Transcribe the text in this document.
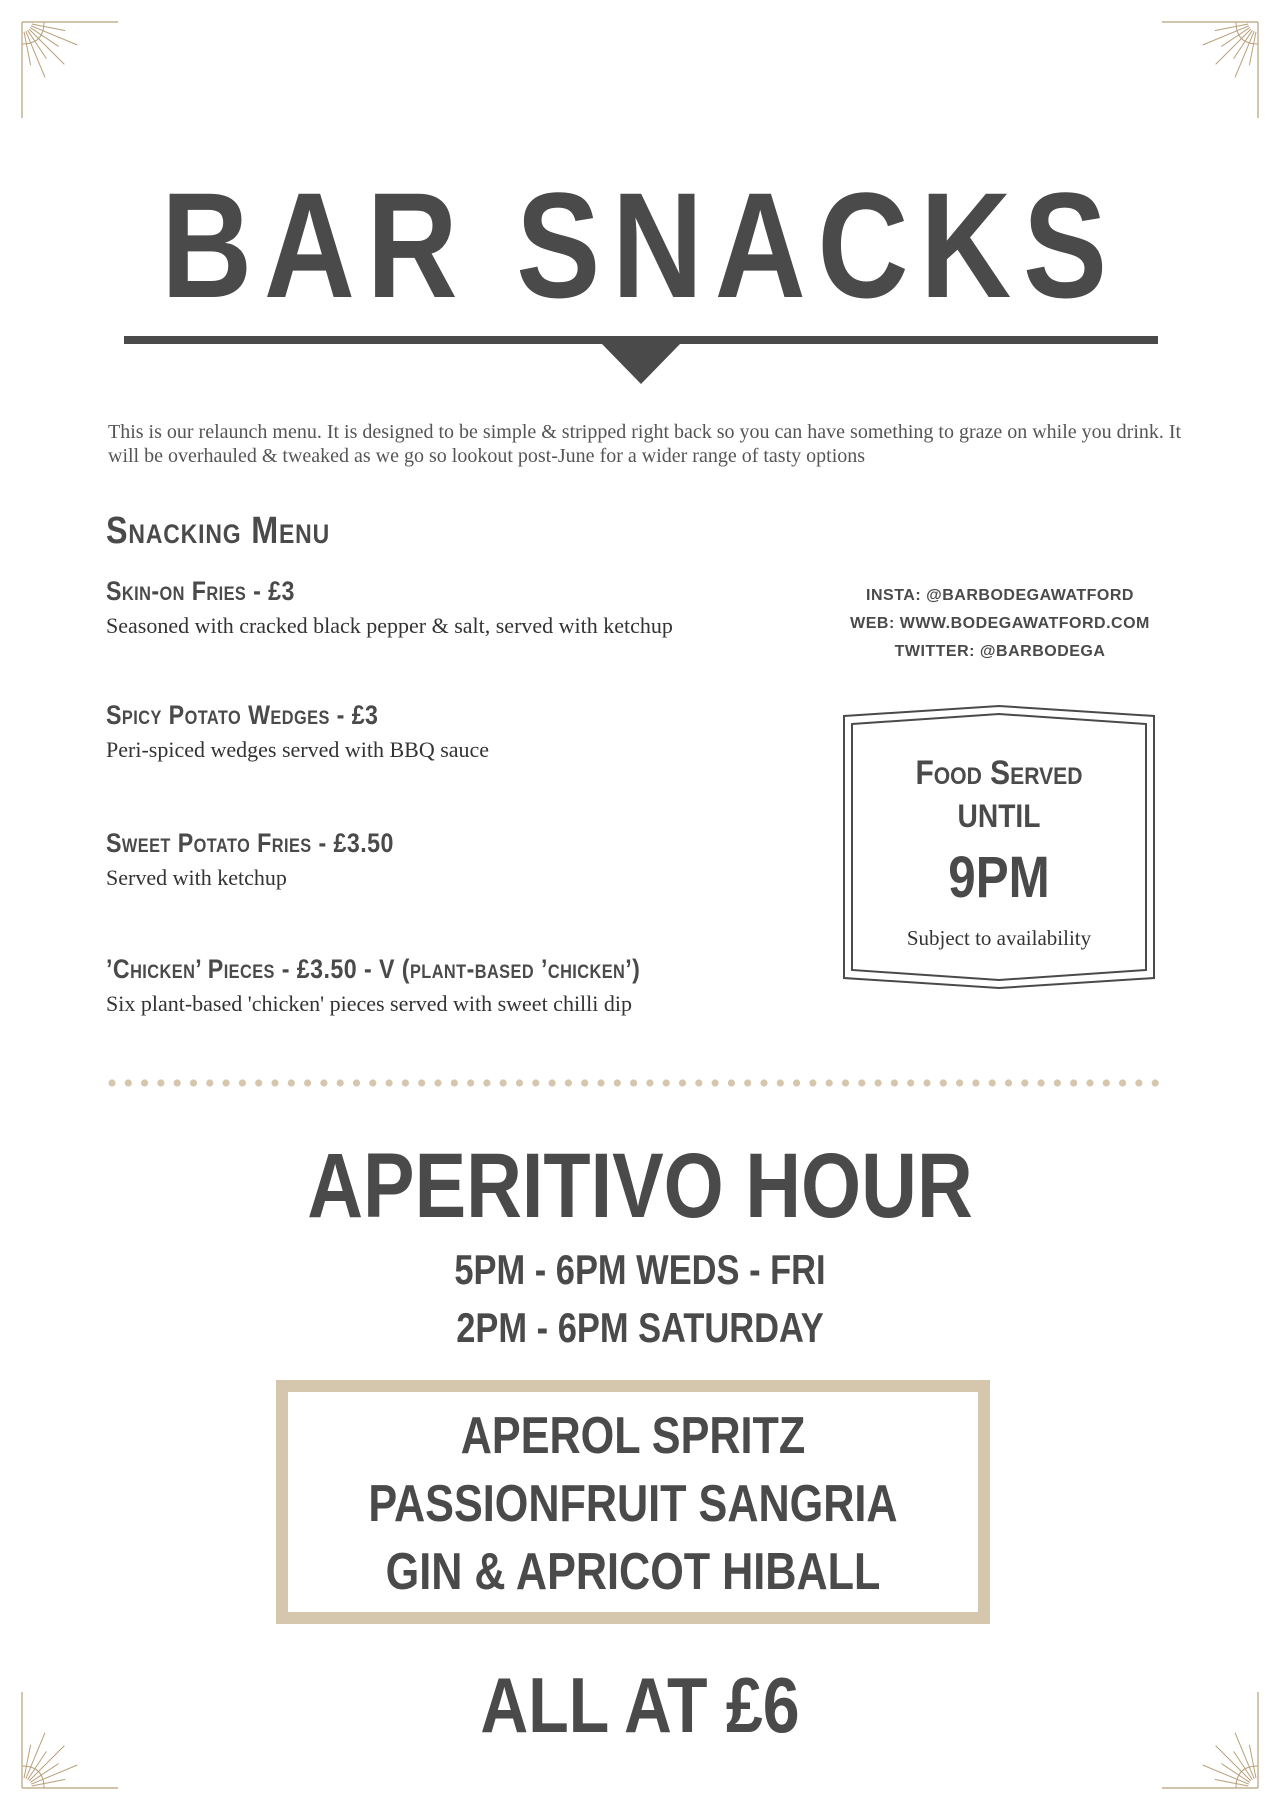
BAR SNACKS
This is our relaunch menu. It is designed to be simple & stripped right back so you can have something to graze on while you drink. It will be overhauled & tweaked as we go so lookout post-June for a wider range of tasty options
Snacking Menu
Skin-on Fries - £3
Seasoned with cracked black pepper & salt, served with ketchup
Spicy Potato Wedges - £3
Peri-spiced wedges served with BBQ sauce
Sweet Potato Fries - £3.50
Served with ketchup
’Chicken’ Pieces - £3.50 - V (plant-based ’chicken’)
Six plant-based 'chicken' pieces served with sweet chilli dip
INSTA: @BARBODEGAWATFORD
WEB: WWW.BODEGAWATFORD.COM
TWITTER: @BARBODEGA
Food Served
UNTIL
9PM
Subject to availability
APERITIVO HOUR
5PM - 6PM WEDS - FRI
2PM - 6PM SATURDAY
APEROL SPRITZ
PASSIONFRUIT SANGRIA
GIN & APRICOT HIBALL
ALL AT £6
